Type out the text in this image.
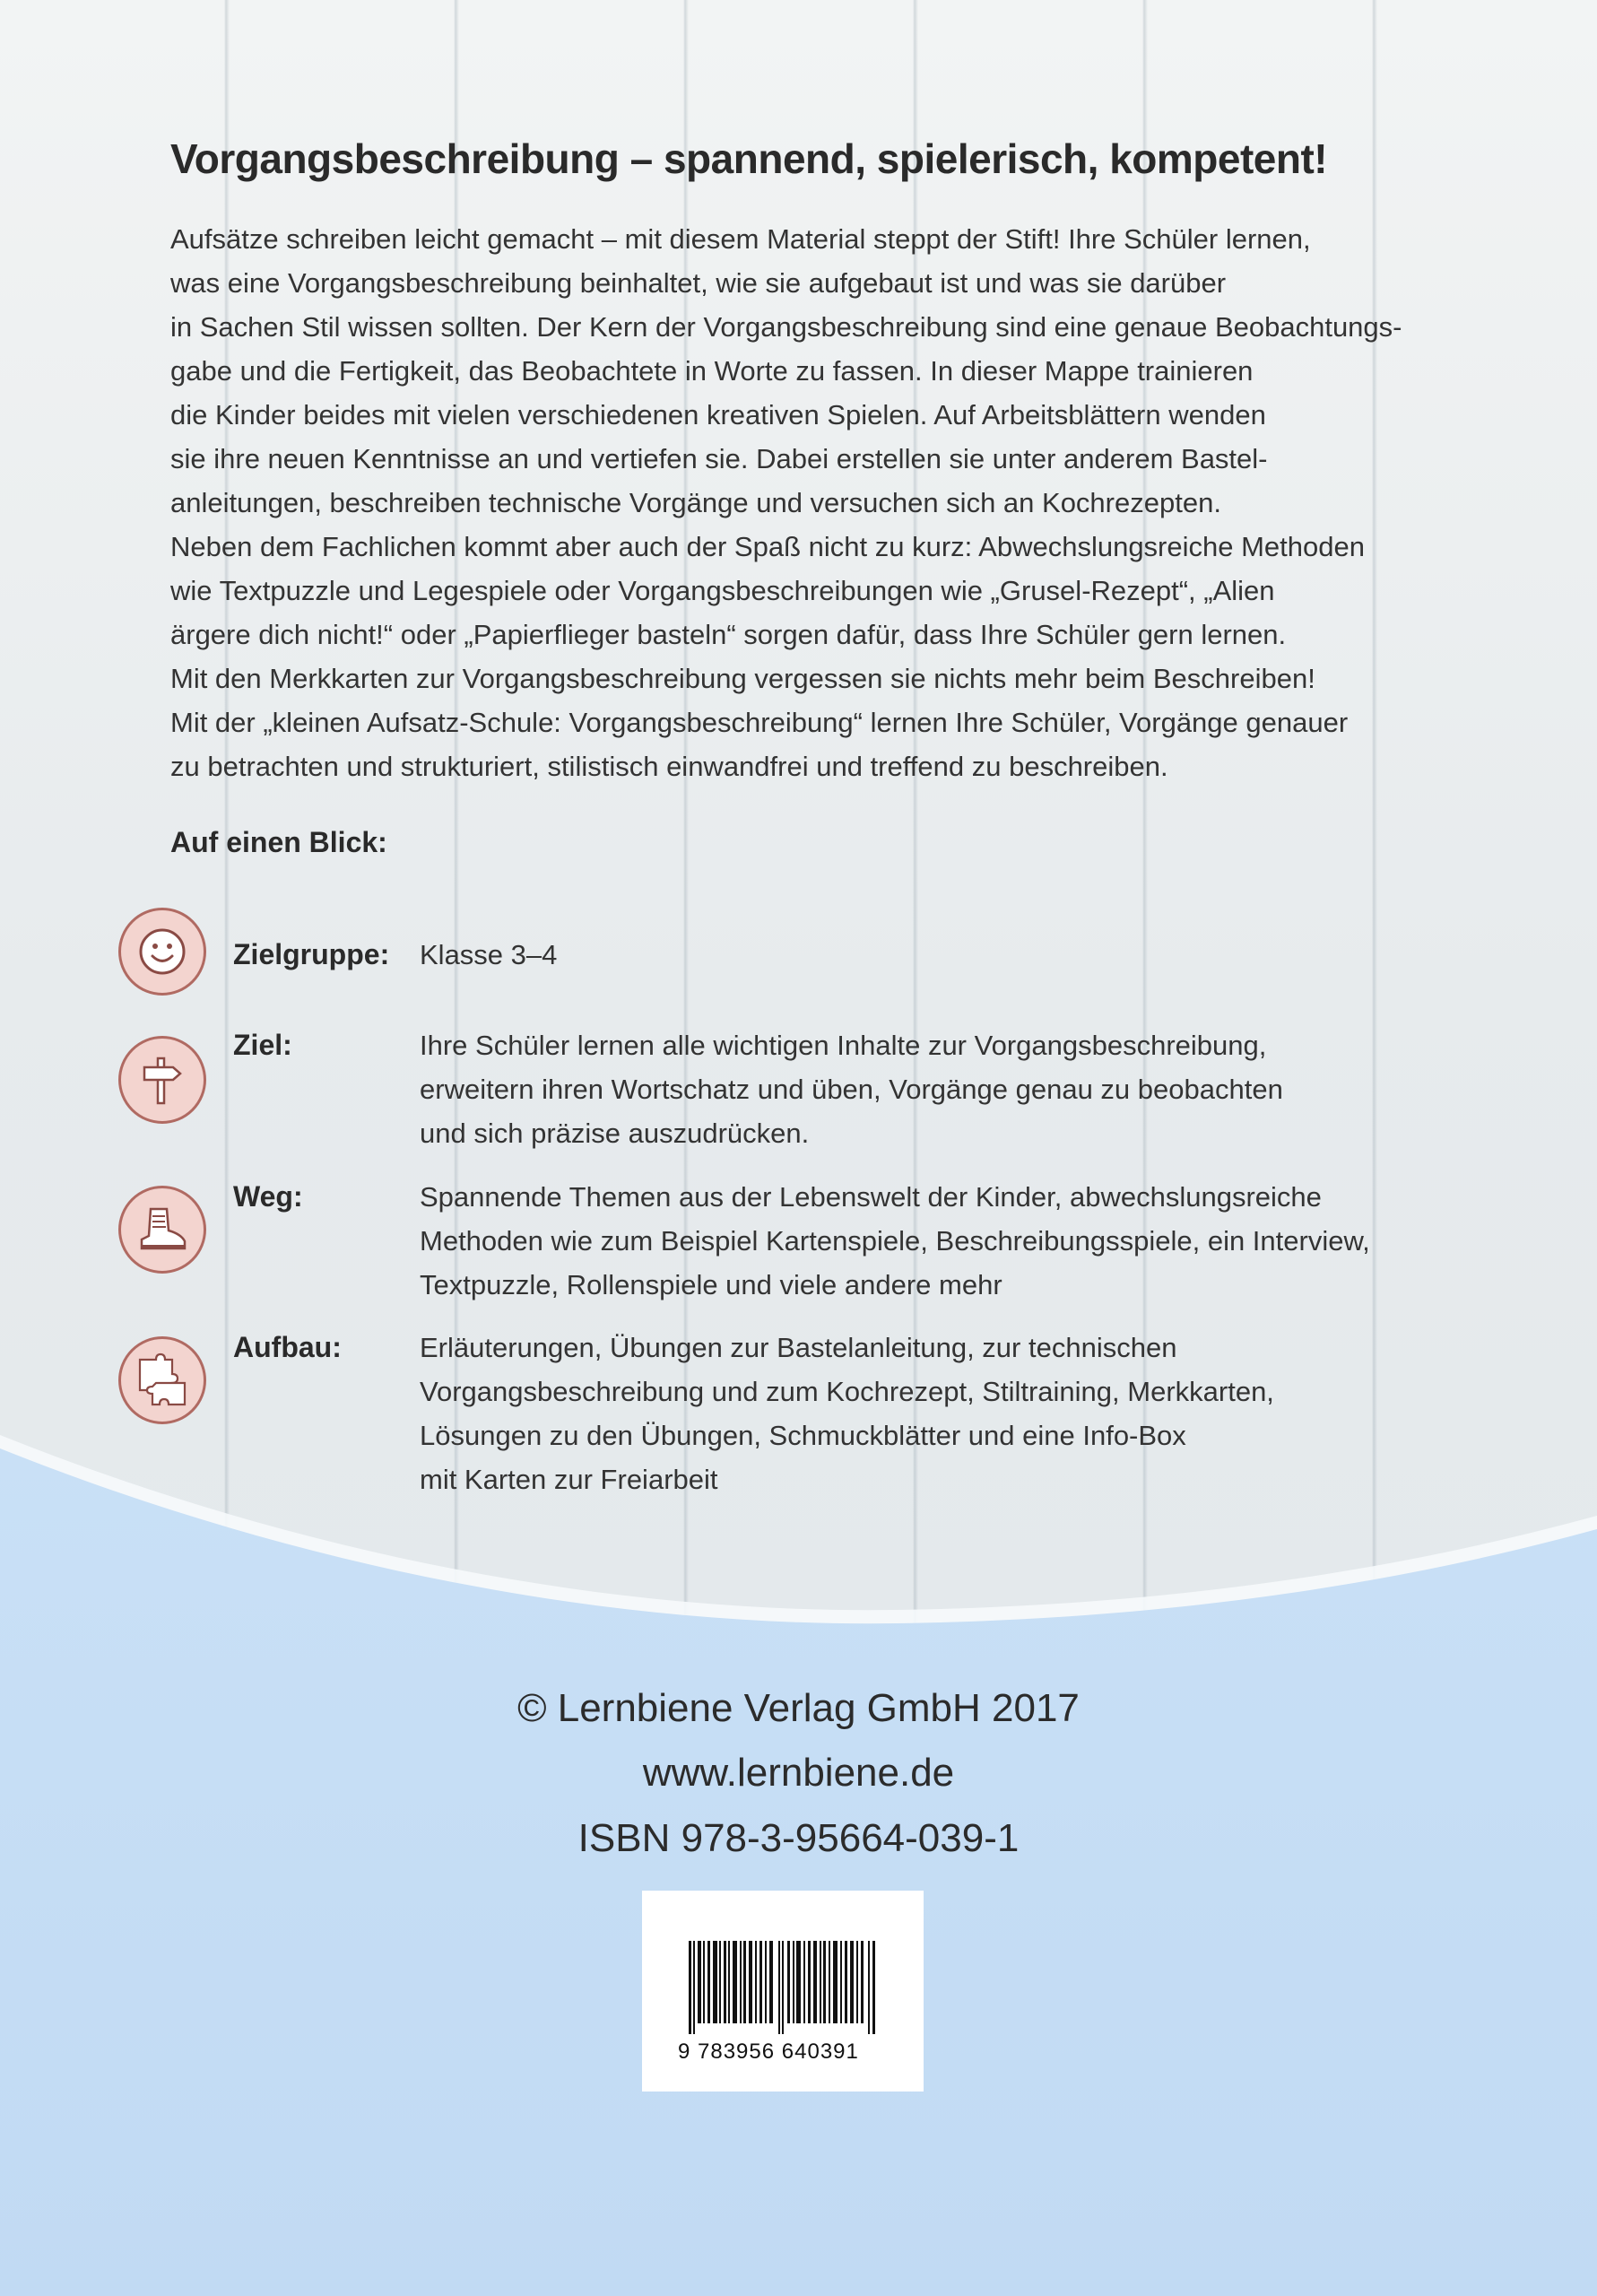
Vorgangsbeschreibung – spannend, spielerisch, kompetent!

Aufsätze schreiben leicht gemacht – mit diesem Material steppt der Stift! Ihre Schüler lernen,

was eine Vorgangsbeschreibung beinhaltet, wie sie aufgebaut ist und was sie darüber

in Sachen Stil wissen sollten. Der Kern der Vorgangsbeschreibung sind eine genaue Beobachtungs-

gabe und die Fertigkeit, das Beobachtete in Worte zu fassen. In dieser Mappe trainieren

die Kinder beides mit vielen verschiedenen kreativen Spielen. Auf Arbeitsblättern wenden

sie ihre neuen Kenntnisse an und vertiefen sie. Dabei erstellen sie unter anderem Bastel-

anleitungen, beschreiben technische Vorgänge und versuchen sich an Kochrezepten.

Neben dem Fachlichen kommt aber auch der Spaß nicht zu kurz: Abwechslungsreiche Methoden

wie Textpuzzle und Legespiele oder Vorgangsbeschreibungen wie „Grusel-Rezept“, „Alien

ärgere dich nicht!“ oder „Papierflieger basteln“ sorgen dafür, dass Ihre Schüler gern lernen.

Mit den Merkkarten zur Vorgangsbeschreibung vergessen sie nichts mehr beim Beschreiben!

Mit der „kleinen Aufsatz-Schule: Vorgangsbeschreibung“ lernen Ihre Schüler, Vorgänge genauer

zu betrachten und strukturiert, stilistisch einwandfrei und treffend zu beschreiben.

Auf einen Blick:
Zielgruppe: Klasse 3–4
Ziel:	Ihre Schüler lernen alle wichtigen Inhalte zur Vorgangsbeschreibung,
erweitern ihren Wortschatz und üben, Vorgänge genau zu beobachten
und sich präzise auszudrücken.
Weg:	Spannende Themen aus der Lebenswelt der Kinder, abwechslungsreiche
Methoden wie zum Beispiel Kartenspiele, Beschreibungsspiele, ein Interview,
Textpuzzle, Rollenspiele und viele andere mehr
Aufbau:	Erläuterungen, Übungen zur Bastelanleitung, zur technischen
Vorgangsbeschreibung und zum Kochrezept, Stiltraining, Merkkarten,
Lösungen zu den Übungen, Schmuckblätter und eine Info-Box
mit Karten zur Freiarbeit
© Lernbiene Verlag GmbH 2017
www.lernbiene.de
ISBN 978-3-95664-039-1
9 783956 640391
